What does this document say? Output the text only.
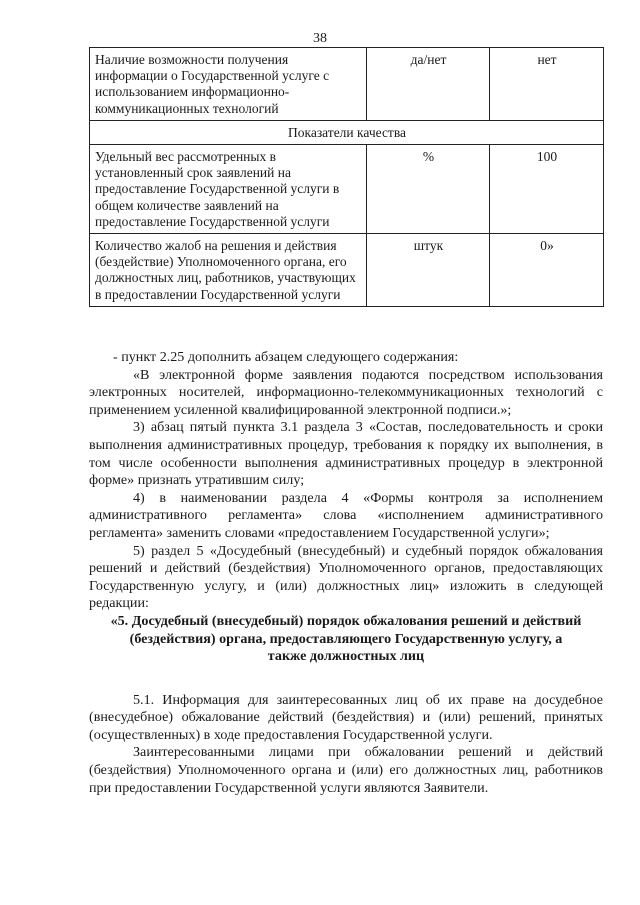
38
Наличие возможности получения информации о Государственной услуге с использованием информационно-коммуникационных технологий	да/нет	нет
Показатели качества		
Удельный вес рассмотренных в установленный срок заявлений на предоставление Государственной услуги в общем количестве заявлений на предоставление Государственной услуги	%	100
Количество жалоб на решения и действия (бездействие) Уполномоченного органа, его должностных лиц, работников, участвующих в предоставлении Государственной услуги	штук	0»

- пункт 2.25 дополнить абзацем следующего содержания:

«В электронной форме заявления подаются посредством использования электронных носителей, информационно-телекоммуникационных технологий с применением усиленной квалифицированной электронной подписи.»;

3) абзац пятый пункта 3.1 раздела 3 «Состав, последовательность и сроки выполнения административных процедур, требования к порядку их выполнения, в том числе особенности выполнения административных процедур в электронной форме» признать утратившим силу;

4) в наименовании раздела 4 «Формы контроля за исполнением административного регламента» слова «исполнением административного регламента» заменить словами «предоставлением Государственной услуги»;

5) раздел 5 «Досудебный (внесудебный) и судебный порядок обжалования решений и действий (бездействия) Уполномоченного органов, предоставляющих Государственную услугу, и (или) должностных лиц» изложить в следующей редакции:

«5. Досудебный (внесудебный) порядок обжалования решений и действий (бездействия) органа, предоставляющего Государственную услугу, а также должностных лиц

5.1. Информация для заинтересованных лиц об их праве на досудебное (внесудебное) обжалование действий (бездействия) и (или) решений, принятых (осуществленных) в ходе предоставления Государственной услуги.

Заинтересованными лицами при обжаловании решений и действий (бездействия) Уполномоченного органа и (или) его должностных лиц, работников при предоставлении Государственной услуги являются Заявители.
